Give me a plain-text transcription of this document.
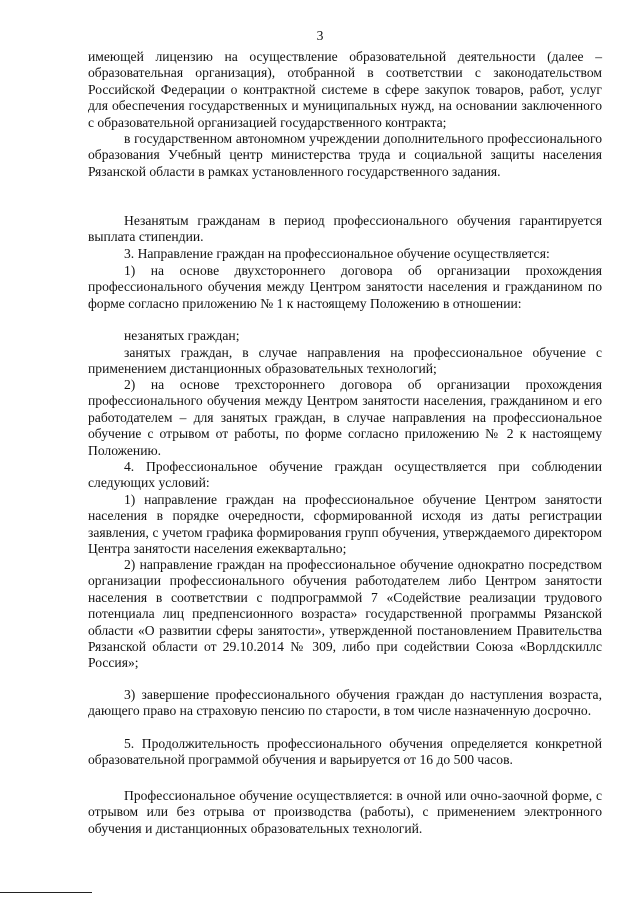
3

имеющей лицензию на осуществление образовательной деятельности (далее – образовательная организация), отобранной в соответствии с законодательством Российской Федерации о контрактной системе в сфере закупок товаров, работ, услуг для обеспечения государственных и муниципальных нужд, на основании заключенного с образовательной организацией государственного контракта;

в государственном автономном учреждении дополнительного профессионального образования Учебный центр министерства труда и социальной защиты населения Рязанской области в рамках установленного государственного задания.

Незанятым гражданам в период профессионального обучения гарантируется выплата стипендии.

3. Направление граждан на профессиональное обучение осуществляется:

1) на основе двухстороннего договора об организации прохождения профессионального обучения между Центром занятости населения и гражданином по форме согласно приложению № 1 к настоящему Положению в отношении:

незанятых граждан;

занятых граждан, в случае направления на профессиональное обучение с применением дистанционных образовательных технологий;

2) на основе трехстороннего договора об организации прохождения профессионального обучения между Центром занятости населения, гражданином и его работодателем – для занятых граждан, в случае направления на профессиональное обучение с отрывом от работы, по форме согласно приложению № 2 к настоящему Положению.

4. Профессиональное обучение граждан осуществляется при соблюдении следующих условий:

1) направление граждан на профессиональное обучение Центром занятости населения в порядке очередности, сформированной исходя из даты регистрации заявления, с учетом графика формирования групп обучения, утверждаемого директором Центра занятости населения ежеквартально;

2) направление граждан на профессиональное обучение однократно посредством организации профессионального обучения работодателем либо Центром занятости населения в соответствии с подпрограммой 7 «Содействие реализации трудового потенциала лиц предпенсионного возраста» государственной программы Рязанской области «О развитии сферы занятости», утвержденной постановлением Правительства Рязанской области от 29.10.2014 № 309, либо при содействии Союза «Ворлдскиллс Россия»;

3) завершение профессионального обучения граждан до наступления возраста, дающего право на страховую пенсию по старости, в том числе назначенную досрочно.

5. Продолжительность профессионального обучения определяется конкретной образовательной программой обучения и варьируется от 16 до 500 часов.

Профессиональное обучение осуществляется: в очной или очно-заочной форме, с отрывом или без отрыва от производства (работы), с применением электронного обучения и дистанционных образовательных технологий.
